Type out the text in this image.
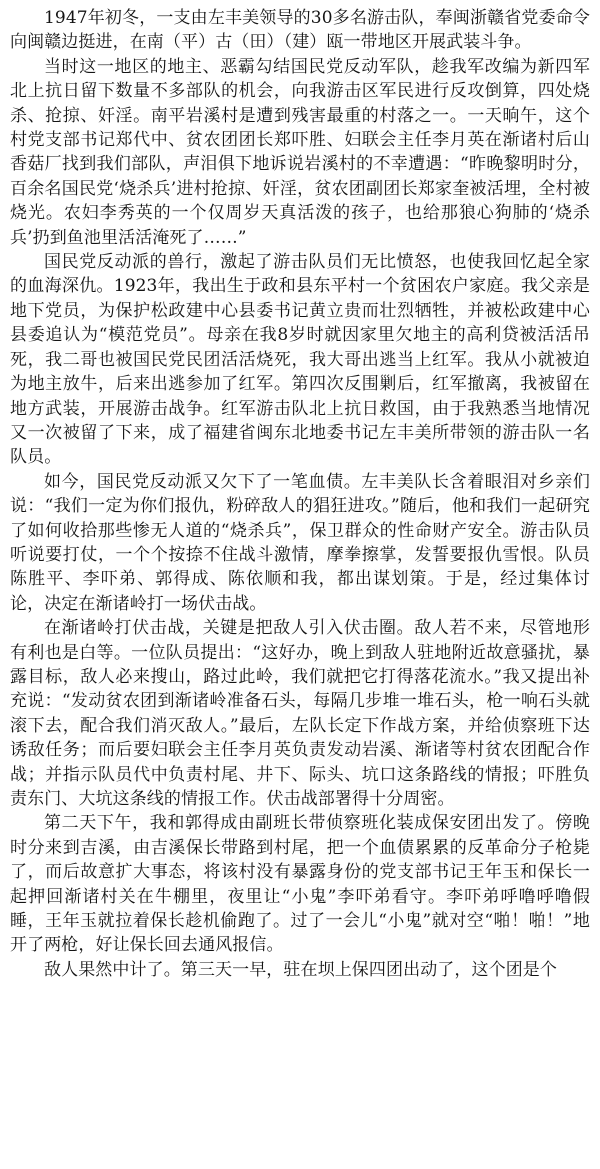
1947年初冬，一支由左丰美领导的30多名游击队，奉闽浙赣省党委命令向闽赣边挺进，在南（平）古（田）（建）瓯一带地区开展武装斗争。

当时这一地区的地主、恶霸勾结国民党反动军队，趁我军改编为新四军北上抗日留下数量不多部队的机会，向我游击区军民进行反攻倒算，四处烧杀、抢掠、奸淫。南平岩溪村是遭到残害最重的村落之一。一天晌午，这个村党支部书记郑代中、贫农团团长郑吓胜、妇联会主任李月英在渐诸村后山香菇厂找到我们部队，声泪俱下地诉说岩溪村的不幸遭遇：“昨晚黎明时分，百余名国民党‘烧杀兵’进村抢掠、奸淫，贫农团副团长郑家奎被活埋，全村被烧光。农妇李秀英的一个仅周岁天真活泼的孩子，也给那狼心狗肺的‘烧杀兵’扔到鱼池里活活淹死了……”

国民党反动派的兽行，激起了游击队员们无比愤怒，也使我回忆起全家的血海深仇。1923年，我出生于政和县东平村一个贫困农户家庭。我父亲是地下党员，为保护松政建中心县委书记黄立贵而壮烈牺牲，并被松政建中心县委追认为“模范党员”。母亲在我8岁时就因家里欠地主的高利贷被活活吊死，我二哥也被国民党民团活活烧死，我大哥出逃当上红军。我从小就被迫为地主放牛，后来出逃参加了红军。第四次反围剿后，红军撤离，我被留在地方武装，开展游击战争。红军游击队北上抗日救国，由于我熟悉当地情况又一次被留了下来，成了福建省闽东北地委书记左丰美所带领的游击队一名队员。

如今，国民党反动派又欠下了一笔血债。左丰美队长含着眼泪对乡亲们说：“我们一定为你们报仇，粉碎敌人的猖狂进攻。”随后，他和我们一起研究了如何收拾那些惨无人道的“烧杀兵”，保卫群众的性命财产安全。游击队员听说要打仗，一个个按捺不住战斗激情，摩拳擦掌，发誓要报仇雪恨。队员陈胜平、李吓弟、郭得成、陈依顺和我，都出谋划策。于是，经过集体讨论，决定在渐诸岭打一场伏击战。

在渐诸岭打伏击战，关键是把敌人引入伏击圈。敌人若不来，尽管地形有利也是白等。一位队员提出：“这好办，晚上到敌人驻地附近故意骚扰，暴露目标，敌人必来搜山，路过此岭，我们就把它打得落花流水。”我又提出补充说：“发动贫农团到渐诸岭准备石头，每隔几步堆一堆石头，枪一响石头就滚下去，配合我们消灭敌人。”最后，左队长定下作战方案，并给侦察班下达诱敌任务；而后要妇联会主任李月英负责发动岩溪、渐诸等村贫农团配合作战；并指示队员代中负责村尾、井下、际头、坑口这条路线的情报；吓胜负责东门、大坑这条线的情报工作。伏击战部署得十分周密。

第二天下午，我和郭得成由副班长带侦察班化装成保安团出发了。傍晚时分来到吉溪，由吉溪保长带路到村尾，把一个血债累累的反革命分子枪毙了，而后故意扩大事态，将该村没有暴露身份的党支部书记王年玉和保长一起押回渐诸村关在牛棚里，夜里让“小鬼”李吓弟看守。李吓弟呼噜呼噜假睡，王年玉就拉着保长趁机偷跑了。过了一会儿“小鬼”就对空“啪！啪！”地开了两枪，好让保长回去通风报信。

敌人果然中计了。第三天一早，驻在坝上保四团出动了，这个团是个
